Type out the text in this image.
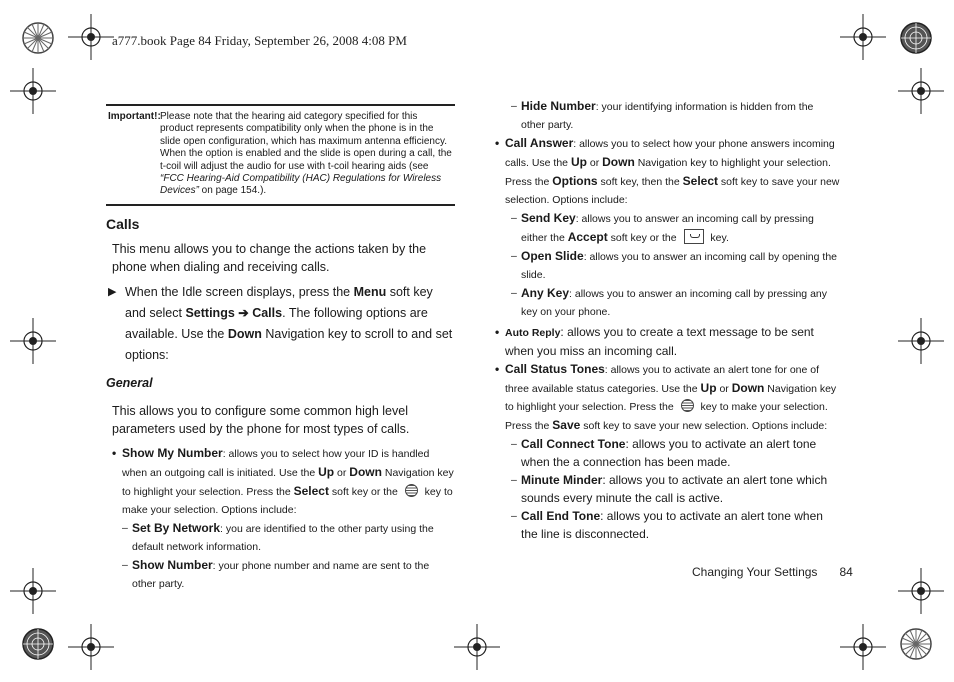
a777.book Page 84 Friday, September 26, 2008 4:08 PM
Important!: Please note that the hearing aid category specified for this product represents compatibility only when the phone is in the slide open configuration, which has maximum antenna efficiency. When the option is enabled and the slide is open during a call, the t-coil will adjust the audio for use with t-coil hearing aids (see “FCC Hearing-Aid Compatibility (HAC) Regulations for Wireless Devices” on page 154.).
Calls

This menu allows you to change the actions taken by the phone when dialing and receiving calls.

▶ When the Idle screen displays, press the Menu soft key and select Settings ➔ Calls. The following options are available. Use the Down Navigation key to scroll to and set options:
General

This allows you to configure some common high level parameters used by the phone for most types of calls.

• Show My Number: allows you to select how your ID is handled when an outgoing call is initiated. Use the Up or Down Navigation key to highlight your selection. Press the Select soft key or the  key to make your selection. Options include:
– Set By Network: you are identified to the other party using the default network information.
– Show Number: your phone number and name are sent to the other party.
– Hide Number: your identifying information is hidden from the other party.
• Call Answer: allows you to select how your phone answers incoming calls. Use the Up or Down Navigation key to highlight your selection. Press the Options soft key, then the Select soft key to save your new selection. Options include:
– Send Key: allows you to answer an incoming call by pressing either the Accept soft key or the	key.
– Open Slide: allows you to answer an incoming call by opening the slide.
– Any Key: allows you to answer an incoming call by pressing any key on your phone.
• Auto Reply: allows you to create a text message to be sent when you miss an incoming call.
• Call Status Tones: allows you to activate an alert tone for one of three available status categories. Use the Up or Down Navigation key to highlight your selection. Press the  key to make your selection. Press the Save soft key to save your new selection. Options include:
– Call Connect Tone: allows you to activate an alert tone when the a connection has been made.
– Minute Minder: allows you to activate an alert tone which sounds every minute the call is active.
– Call End Tone: allows you to activate an alert tone when the line is disconnected.
Changing Your Settings 84
